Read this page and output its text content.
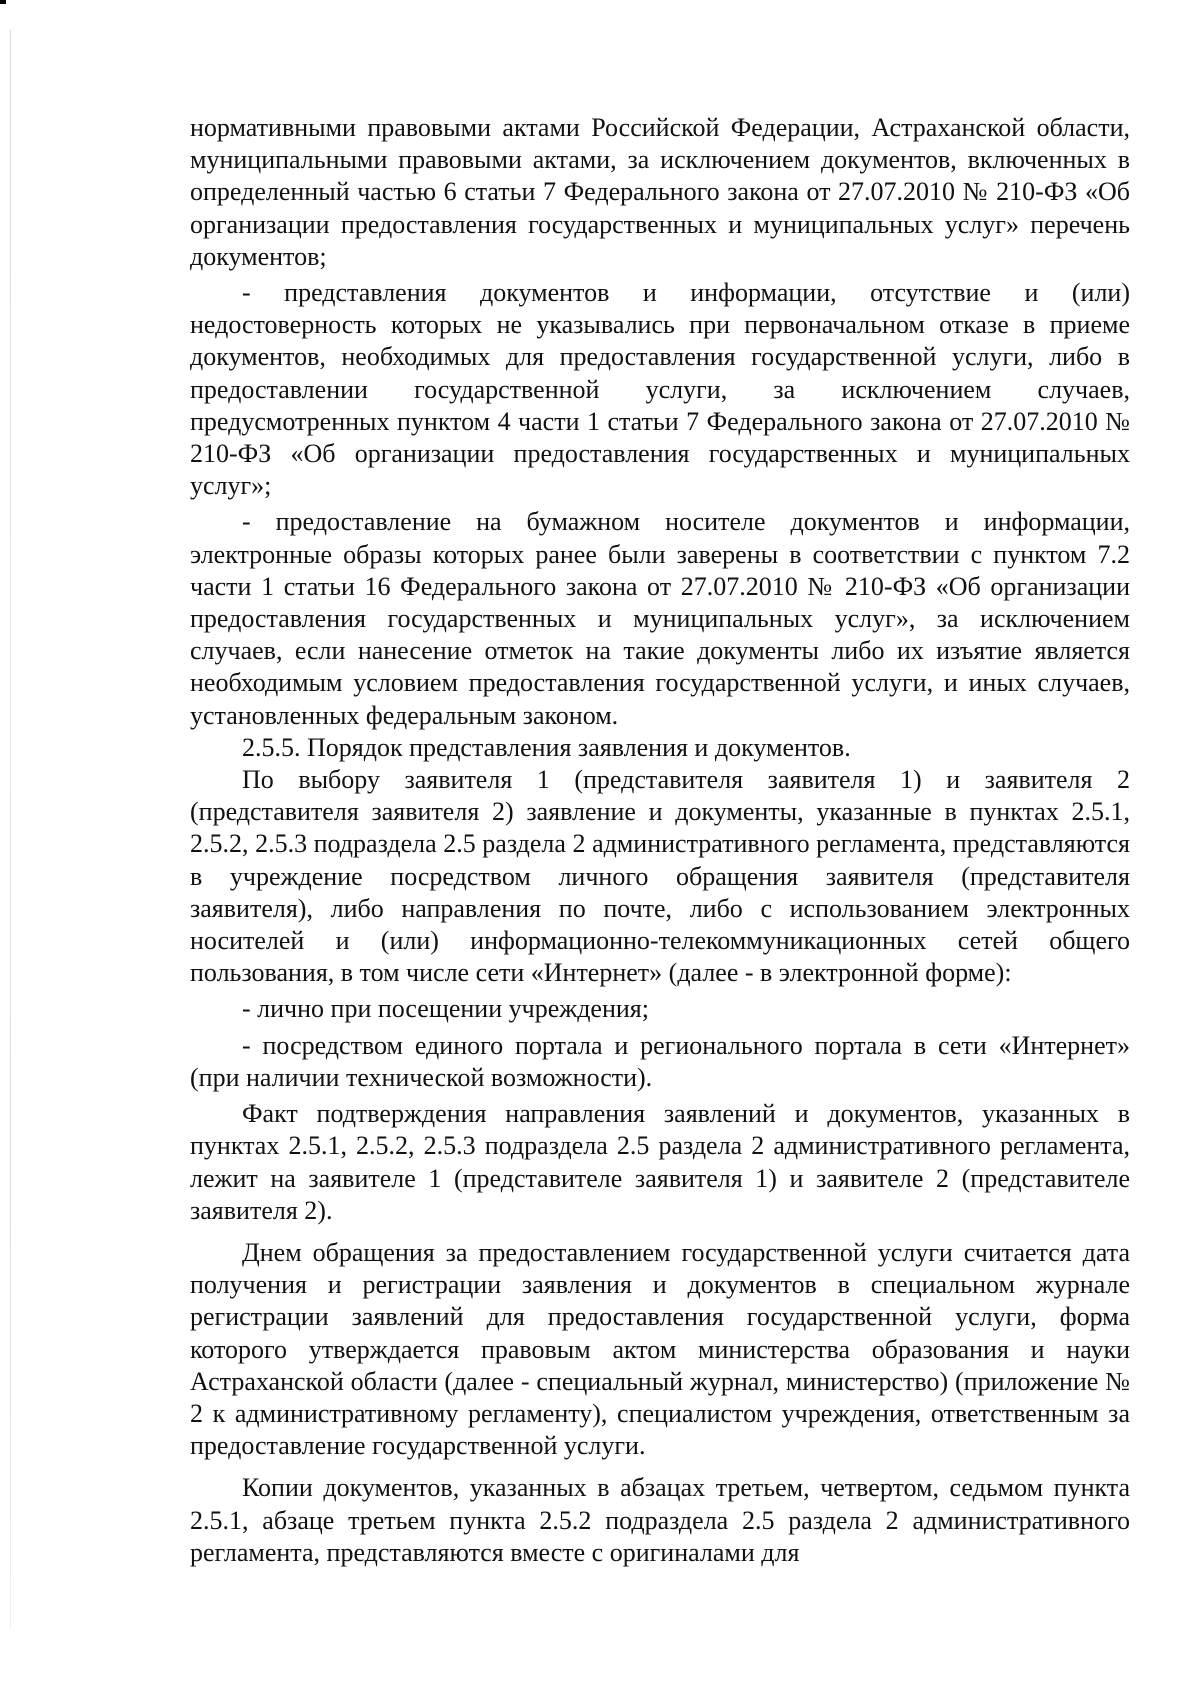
нормативными правовыми актами Российской Федерации, Астраханской области, муниципальными правовыми актами, за исключением документов, включенных в определенный частью 6 статьи 7 Федерального закона от 27.07.2010 № 210-ФЗ «Об организации предоставления государственных и муниципальных услуг» перечень документов;

- представления документов и информации, отсутствие и (или) недостоверность которых не указывались при первоначальном отказе в приеме документов, необходимых для предоставления государственной услуги, либо в предоставлении государственной услуги, за исключением случаев, предусмотренных пунктом 4 части 1 статьи 7 Федерального закона от 27.07.2010 № 210-ФЗ «Об организации предоставления государственных и муниципальных услуг»;

- предоставление на бумажном носителе документов и информации, электронные образы которых ранее были заверены в соответствии с пунктом 7.2 части 1 статьи 16 Федерального закона от 27.07.2010 № 210-ФЗ «Об организации предоставления государственных и муниципальных услуг», за исключением случаев, если нанесение отметок на такие документы либо их изъятие является необходимым условием предоставления государственной услуги, и иных случаев, установленных федеральным законом.

2.5.5. Порядок представления заявления и документов.

По выбору заявителя 1 (представителя заявителя 1) и заявителя 2 (представителя заявителя 2) заявление и документы, указанные в пунктах 2.5.1, 2.5.2, 2.5.3 подраздела 2.5 раздела 2 административного регламента, представляются в учреждение посредством личного обращения заявителя (представителя заявителя), либо направления по почте, либо с использованием электронных носителей и (или) информационно-телекоммуникационных сетей общего пользования, в том числе сети «Интернет» (далее - в электронной форме):

- лично при посещении учреждения;

- посредством единого портала и регионального портала в сети «Интернет» (при наличии технической возможности).

Факт подтверждения направления заявлений и документов, указанных в пунктах 2.5.1, 2.5.2, 2.5.3 подраздела 2.5 раздела 2 административного регламента, лежит на заявителе 1 (представителе заявителя 1) и заявителе 2 (представителе заявителя 2).

Днем обращения за предоставлением государственной услуги считается дата получения и регистрации заявления и документов в специальном журнале регистрации заявлений для предоставления государственной услуги, форма которого утверждается правовым актом министерства образования и науки Астраханской области (далее - специальный журнал, министерство) (приложение № 2 к административному регламенту), специалистом учреждения, ответственным за предоставление государственной услуги.

Копии документов, указанных в абзацах третьем, четвертом, седьмом пункта 2.5.1, абзаце третьем пункта 2.5.2 подраздела 2.5 раздела 2 административного регламента, представляются вместе с оригиналами для
